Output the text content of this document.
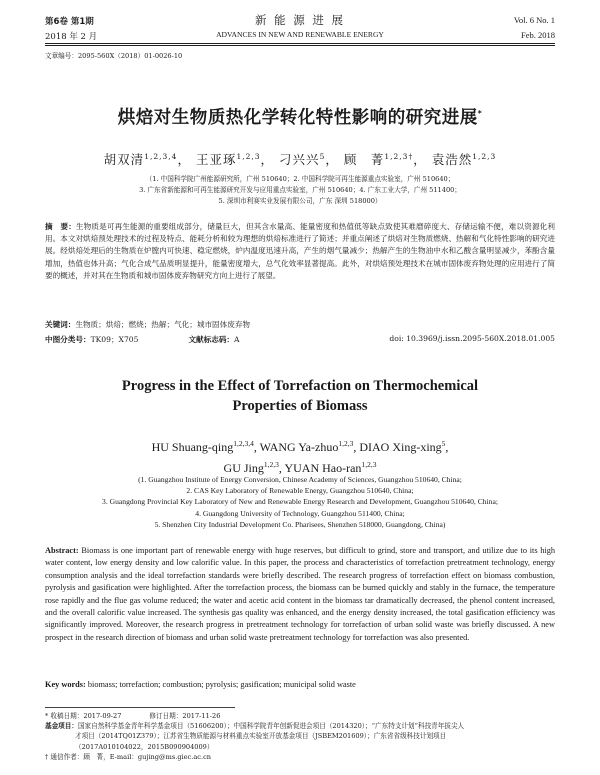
第6卷 第1期
2018 年 2 月
新 能 源 进 展
ADVANCES IN NEW AND RENEWABLE ENERGY
Vol. 6 No. 1
Feb. 2018
文章编号：2095-560X（2018）01-0026-10
烘焙对生物质热化学转化特性影响的研究进展*
胡双清$^{1,2,3,4}$， 王亚琢$^{1,2,3}$， 刁兴兴$^5$， 顾　菁$^{1,2,3\dagger}$， 袁浩然$^{1,2,3}$
（1. 中国科学院广州能源研究所，广州 510640；2. 中国科学院可再生能源重点实验室，广州 510640；
3. 广东省新能源和可再生能源研究开发与应用重点实验室，广州 510640；4. 广东工业大学，广州 511400；
5. 深圳市利赛实业发展有限公司，广东 深圳 518000）
摘　要：生物质是可再生能源的重要组成部分，储量巨大，但其含水量高、能量密度和热值低等缺点致使其难磨碎度大、存储运输不便，难以资源化利用。本文对烘焙预处理技术的过程及特点、能耗分析和较为理想的烘焙标准进行了简述；并重点阐述了烘焙对生物质燃烧、热解和气化特性影响的研究进展。经烘焙处理后的生物质在炉膛内可快速、稳定燃烧，炉内温度迅速升高，产生的烟气量减少；热解产生的生物油中水和乙酸含量明显减少，苯酚含量增加，热值也体升高；气化合成气品质明显提升，能量密度增大，总气化效率显著提高。此外，对烘焙预处理技术在城市固体废弃物处理的应用进行了简要的概述，并对其在生物质和城市固体废弃物研究方向上进行了展望。
关键词：生物质；烘焙；燃烧；热解；气化；城市固体废弃物
中图分类号：TK09；X705	文献标志码：A	doi: 10.3969/j.issn.2095-560X.2018.01.005
Progress in the Effect of Torrefaction on Thermochemical
Properties of Biomass
HU Shuang-qing$^{1,2,3,4}$, WANG Ya-zhuo$^{1,2,3}$, DIAO Xing-xing$^5$,
GU Jing$^{1,2,3}$, YUAN Hao-ran$^{1,2,3}$
(1. Guangzhou Institute of Energy Conversion, Chinese Academy of Sciences, Guangzhou 510640, China;
2. CAS Key Laboratory of Renewable Energy, Guangzhou 510640, China;
3. Guangdong Provincial Key Laboratory of New and Renewable Energy Research and Development, Guangzhou 510640, China;
4. Guangdong University of Technology, Guangzhou 511400, China;
5. Shenzhen City Industrial Development Co. Pharisees, Shenzhen 518000, Guangdong, China)
Abstract: Biomass is one important part of renewable energy with huge reserves, but difficult to grind, store and transport, and utilize due to its high water content, low energy density and low calorific value. In this paper, the process and characteristics of torrefaction pretreatment technology, energy consumption analysis and the ideal torrefaction standards were briefly described. The research progress of torrefaction effect on biomass combustion, pyrolysis and gasification were highlighted. After the torrefaction process, the biomass can be burned quickly and stably in the furnace, the temperature rose rapidly and the flue gas volume reduced; the water and acetic acid content in the biomass tar dramatically decreased, the phenol content increased, and the overall calorific value increased. The synthesis gas quality was enhanced, and the energy density increased, the total gasification efficiency was significantly improved. Moreover, the research progress in pretreatment technology for torrefaction of urban solid waste was briefly discussed. A new prospect in the research direction of biomass and urban solid waste pretreatment technology for torrefaction was also presented.
Key words: biomass; torrefaction; combustion; pyrolysis; gasification; municipal solid waste
* 收稿日期：2017-09-27	修订日期：2017-11-26
基金项目：国家自然科学基金青年科学基金项目（51606200）；中国科学院青年创新促进会项目（2014320）；“广东特支计划”科技青年拔尖人
才项目（2014TQ01Z379）；江苏省生物质能源与材料重点实验室开放基金项目（JSBEM201609）；广东省省级科技计划项目
（2017A010104022，2015B090904009）
† 通信作者：顾　菁，E-mail：gujing@ms.giec.ac.cn
